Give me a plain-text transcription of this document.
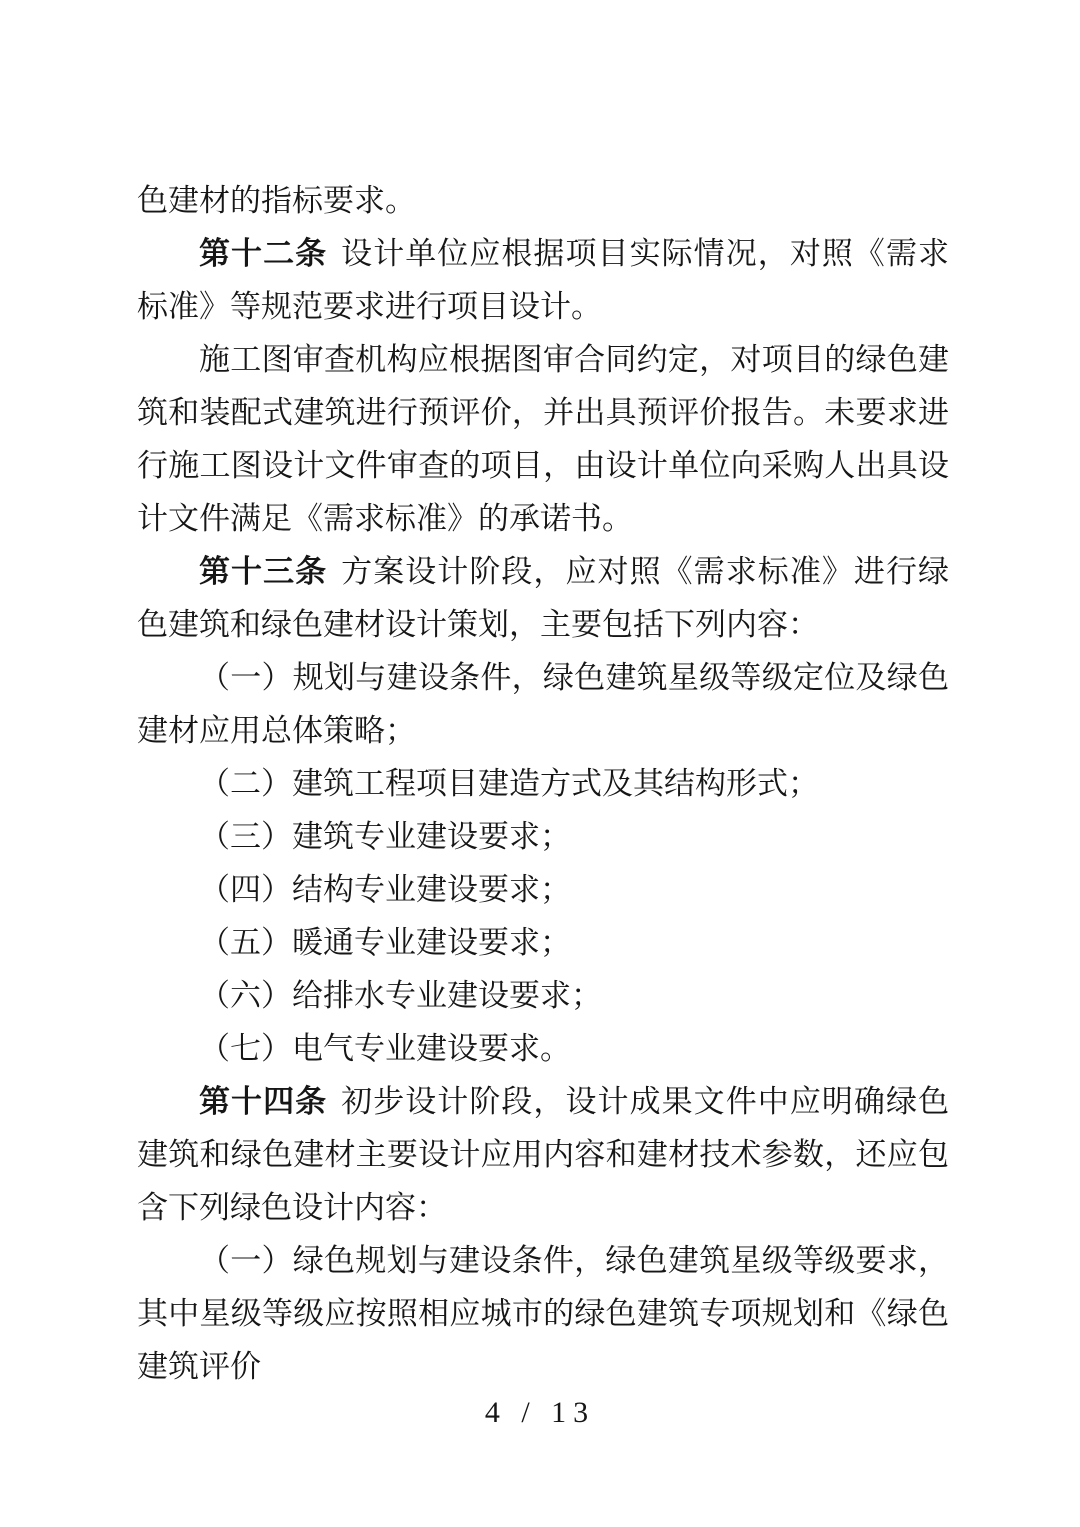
色建材的指标要求。

第十二条 设计单位应根据项目实际情况，对照《需求标准》等规范要求进行项目设计。

施工图审查机构应根据图审合同约定，对项目的绿色建筑和装配式建筑进行预评价，并出具预评价报告。未要求进行施工图设计文件审查的项目，由设计单位向采购人出具设计文件满足《需求标准》的承诺书。

第十三条 方案设计阶段，应对照《需求标准》进行绿色建筑和绿色建材设计策划，主要包括下列内容：

（一）规划与建设条件，绿色建筑星级等级定位及绿色建材应用总体策略；

（二）建筑工程项目建造方式及其结构形式；

（三）建筑专业建设要求；

（四）结构专业建设要求；

（五）暖通专业建设要求；

（六）给排水专业建设要求；

（七）电气专业建设要求。

第十四条 初步设计阶段，设计成果文件中应明确绿色建筑和绿色建材主要设计应用内容和建材技术参数，还应包含下列绿色设计内容：

（一）绿色规划与建设条件，绿色建筑星级等级要求，其中星级等级应按照相应城市的绿色建筑专项规划和《绿色建筑评价

4 / 13
